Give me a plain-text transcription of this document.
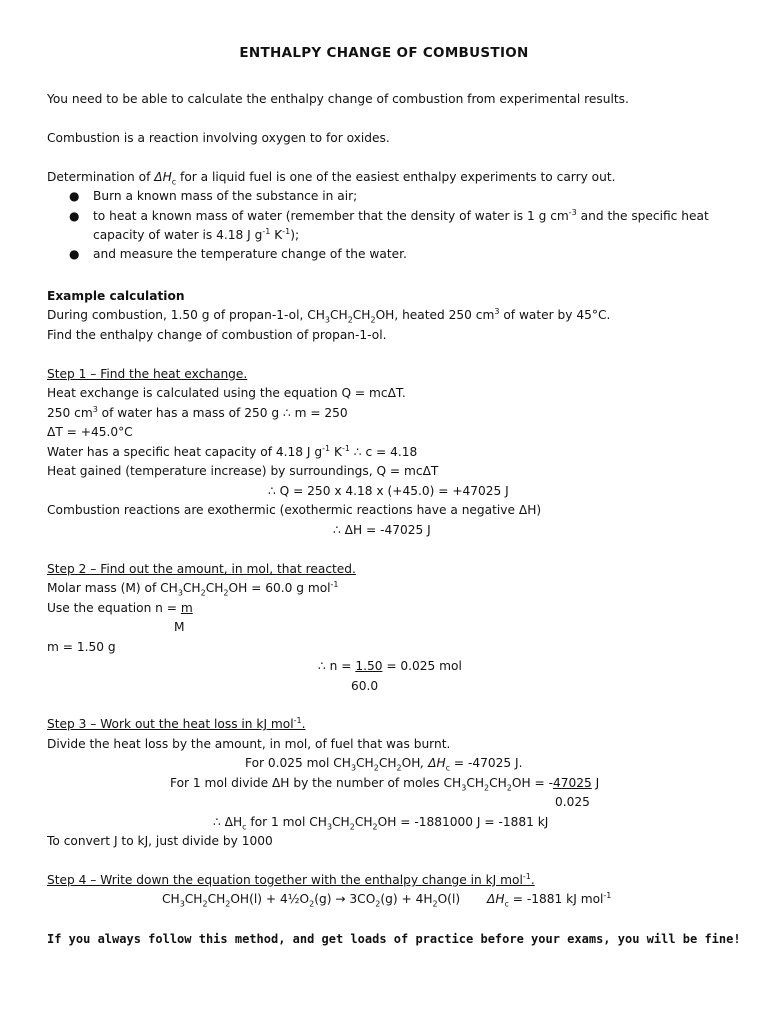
ENTHALPY CHANGE OF COMBUSTION
You need to be able to calculate the enthalpy change of combustion from experimental results.
Combustion is a reaction involving oxygen to for oxides.
Determination of $\Delta H_c$ for a liquid fuel is one of the easiest enthalpy experiments to carry out.
● Burn a known mass of the substance in air;
● to heat a known mass of water (remember that the density of water is 1 g $cm^{-3}$ and the specific heat
capacity of water is 4.18 J $g^{-1}$ $K^{-1}$);
● and measure the temperature change of the water.
Example calculation
During combustion, 1.50 g of propan-1-ol, $CH_3CH_2CH_2OH$, heated 250 $cm^3$ of water by 45°C.
Find the enthalpy change of combustion of propan-1-ol.
Step 1 – Find the heat exchange.
Heat exchange is calculated using the equation Q = mcΔT.
250 $cm^3$ of water has a mass of 250 g ∴ m = 250
ΔT = +45.0°C
Water has a specific heat capacity of 4.18 J $g^{-1}$ $K^{-1}$ ∴ c = 4.18
Heat gained (temperature increase) by surroundings, Q = mcΔT
∴ Q = 250 x 4.18 x (+45.0) = +47025 J
Combustion reactions are exothermic (exothermic reactions have a negative ΔH)
∴ ΔH = -47025 J
Step 2 – Find out the amount, in mol, that reacted.
Molar mass (M) of $CH_3CH_2CH_2OH = 60.0$ g mol$^{-1}$
Use the equation n = m
M
m = 1.50 g
∴ n = 1.50 = 0.025 mol
60.0
Step 3 – Work out the heat loss in kJ mol$^{-1}$.
Divide the heat loss by the amount, in mol, of fuel that was burnt.
For 0.025 mol $CH_3CH_2CH_2OH$, $\Delta H_c = -47025$ J.
For 1 mol divide ΔH by the number of moles $CH_3CH_2CH_2OH = -47025$ J
0.025
∴ $\Delta H_c$ for 1 mol $CH_3CH_2CH_2OH = -1881000$ J = -1881 kJ
To convert J to kJ, just divide by 1000
Step 4 – Write down the equation together with the enthalpy change in kJ mol$^{-1}$.
$CH_3CH_2CH_2OH(l)$ + $4\frac{1}{2}O_2(g) \to 3CO_2(g) + 4H_2O(l) \Delta H_c = -1881$ kJ mol$^{-1}$
If you always follow this method, and get loads of practice before your exams, you will be fine!
